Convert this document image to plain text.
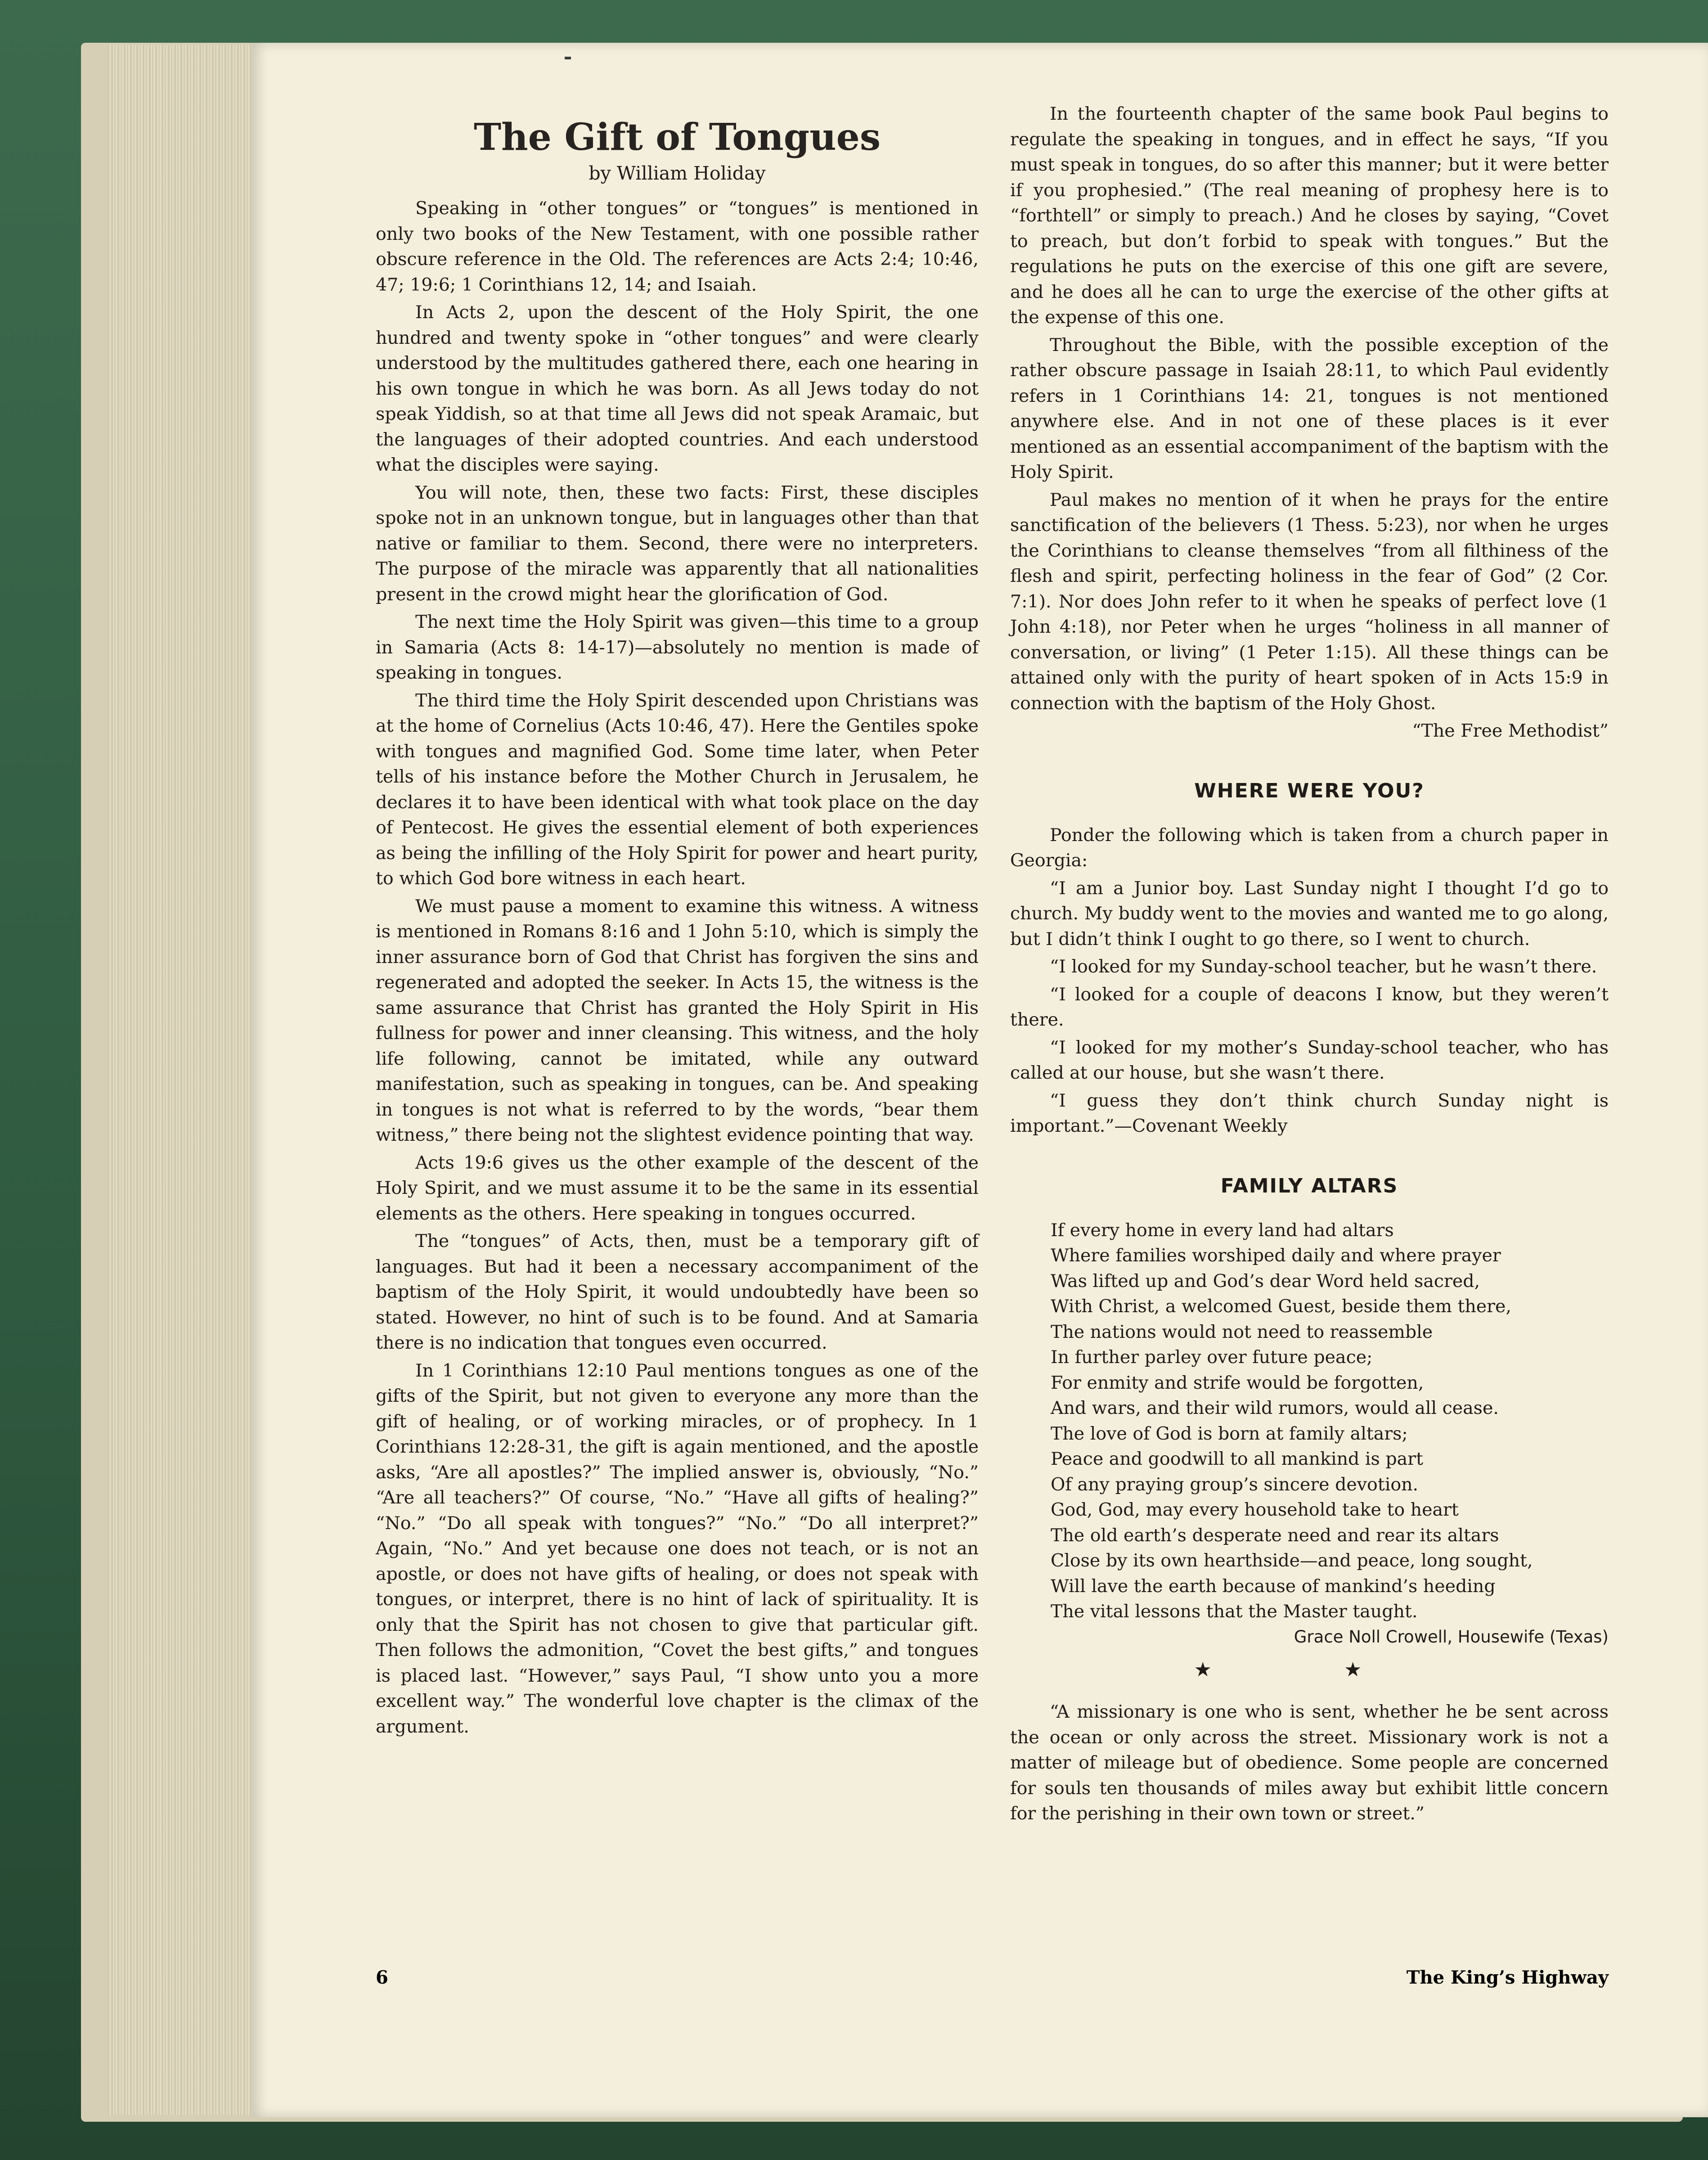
The Gift of Tongues
by William Holiday

Speaking in “other tongues” or “tongues” is mentioned in only two books of the New Testament, with one possible rather obscure reference in the Old. The references are Acts 2:4; 10:46, 47; 19:6; 1 Corinthians 12, 14; and Isaiah.

In Acts 2, upon the descent of the Holy Spirit, the one hundred and twenty spoke in “other tongues” and were clearly understood by the multitudes gathered there, each one hearing in his own tongue in which he was born. As all Jews today do not speak Yiddish, so at that time all Jews did not speak Aramaic, but the languages of their adopted countries. And each understood what the disciples were saying.

You will note, then, these two facts: First, these disciples spoke not in an unknown tongue, but in languages other than that native or familiar to them. Second, there were no interpreters. The purpose of the miracle was apparently that all nationalities present in the crowd might hear the glorification of God.

The next time the Holy Spirit was given—this time to a group in Samaria (Acts 8: 14-17)—absolutely no mention is made of speaking in tongues.

The third time the Holy Spirit descended upon Christians was at the home of Cornelius (Acts 10:46, 47). Here the Gentiles spoke with tongues and magnified God. Some time later, when Peter tells of his instance before the Mother Church in Jerusalem, he declares it to have been identical with what took place on the day of Pentecost. He gives the essential element of both experiences as being the infilling of the Holy Spirit for power and heart purity, to which God bore witness in each heart.

We must pause a moment to examine this witness. A witness is mentioned in Romans 8:16 and 1 John 5:10, which is simply the inner assurance born of God that Christ has forgiven the sins and regenerated and adopted the seeker. In Acts 15, the witness is the same assurance that Christ has granted the Holy Spirit in His fullness for power and inner cleansing. This witness, and the holy life following, cannot be imitated, while any outward manifestation, such as speaking in tongues, can be. And speaking in tongues is not what is referred to by the words, “bear them witness,” there being not the slightest evidence pointing that way.

Acts 19:6 gives us the other example of the descent of the Holy Spirit, and we must assume it to be the same in its essential elements as the others. Here speaking in tongues occurred.

The “tongues” of Acts, then, must be a temporary gift of languages. But had it been a necessary accompaniment of the baptism of the Holy Spirit, it would undoubtedly have been so stated. However, no hint of such is to be found. And at Samaria there is no indication that tongues even occurred.

In 1 Corinthians 12:10 Paul mentions tongues as one of the gifts of the Spirit, but not given to everyone any more than the gift of healing, or of working miracles, or of prophecy. In 1 Corinthians 12:28-31, the gift is again mentioned, and the apostle asks, “Are all apostles?” The implied answer is, obviously, “No.” “Are all teachers?” Of course, “No.” “Have all gifts of healing?” “No.” “Do all speak with tongues?” “No.” “Do all interpret?” Again, “No.” And yet because one does not teach, or is not an apostle, or does not have gifts of healing, or does not speak with tongues, or interpret, there is no hint of lack of spirituality. It is only that the Spirit has not chosen to give that particular gift. Then follows the admonition, “Covet the best gifts,” and tongues is placed last. “However,” says Paul, “I show unto you a more excellent way.” The wonderful love chapter is the climax of the argument.

In the fourteenth chapter of the same book Paul begins to regulate the speaking in tongues, and in effect he says, “If you must speak in tongues, do so after this manner; but it were better if you prophesied.” (The real meaning of prophesy here is to “forthtell” or simply to preach.) And he closes by saying, “Covet to preach, but don’t forbid to speak with tongues.” But the regulations he puts on the exercise of this one gift are severe, and he does all he can to urge the exercise of the other gifts at the expense of this one.

Throughout the Bible, with the possible exception of the rather obscure passage in Isaiah 28:11, to which Paul evidently refers in 1 Corinthians 14: 21, tongues is not mentioned anywhere else. And in not one of these places is it ever mentioned as an essential accompaniment of the baptism with the Holy Spirit.

Paul makes no mention of it when he prays for the entire sanctification of the believers (1 Thess. 5:23), nor when he urges the Corinthians to cleanse themselves “from all filthiness of the flesh and spirit, perfecting holiness in the fear of God” (2 Cor. 7:1). Nor does John refer to it when he speaks of perfect love (1 John 4:18), nor Peter when he urges “holiness in all manner of conversation, or living” (1 Peter 1:15). All these things can be attained only with the purity of heart spoken of in Acts 15:9 in connection with the baptism of the Holy Ghost.

“The Free Methodist”

WHERE WERE YOU?

Ponder the following which is taken from a church paper in Georgia:

“I am a Junior boy. Last Sunday night I thought I’d go to church. My buddy went to the movies and wanted me to go along, but I didn’t think I ought to go there, so I went to church.

“I looked for my Sunday-school teacher, but he wasn’t there.

“I looked for a couple of deacons I know, but they weren’t there.

“I looked for my mother’s Sunday-school teacher, who has called at our house, but she wasn’t there.

“I guess they don’t think church Sunday night is important.”—Covenant Weekly

FAMILY ALTARS
If every home in every land had altars
Where families worshiped daily and where prayer
Was lifted up and God’s dear Word held sacred,
With Christ, a welcomed Guest, beside them there,
The nations would not need to reassemble
In further parley over future peace;
For enmity and strife would be forgotten,
And wars, and their wild rumors, would all cease.
The love of God is born at family altars;
Peace and goodwill to all mankind is part
Of any praying group’s sincere devotion.
God, God, may every household take to heart
The old earth’s desperate need and rear its altars
Close by its own hearthside—and peace, long sought,
Will lave the earth because of mankind’s heeding
The vital lessons that the Master taught.

Grace Noll Crowell, Housewife (Texas)

★ ★

“A missionary is one who is sent, whether he be sent across the ocean or only across the street. Missionary work is not a matter of mileage but of obedience. Some people are concerned for souls ten thousands of miles away but exhibit little concern for the perishing in their own town or street.”

6	The King’s Highway
